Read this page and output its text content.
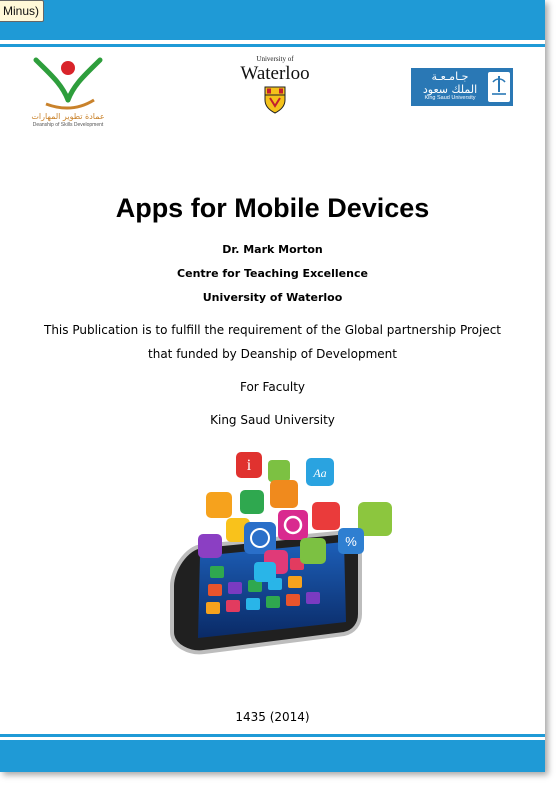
Minus)
عمادة تطوير المهارات
Deanship of Skills Development
University of
Waterloo	جـامـعـة
الملك سعود
King Saud University
Apps for Mobile Devices
Dr. Mark Morton
Centre for Teaching Excellence
University of Waterloo
This Publication is to fulfill the requirement of the Global partnership Project
that funded by Deanship of Development
For Faculty
King Saud University
i	Aa
%
1435 (2014)
